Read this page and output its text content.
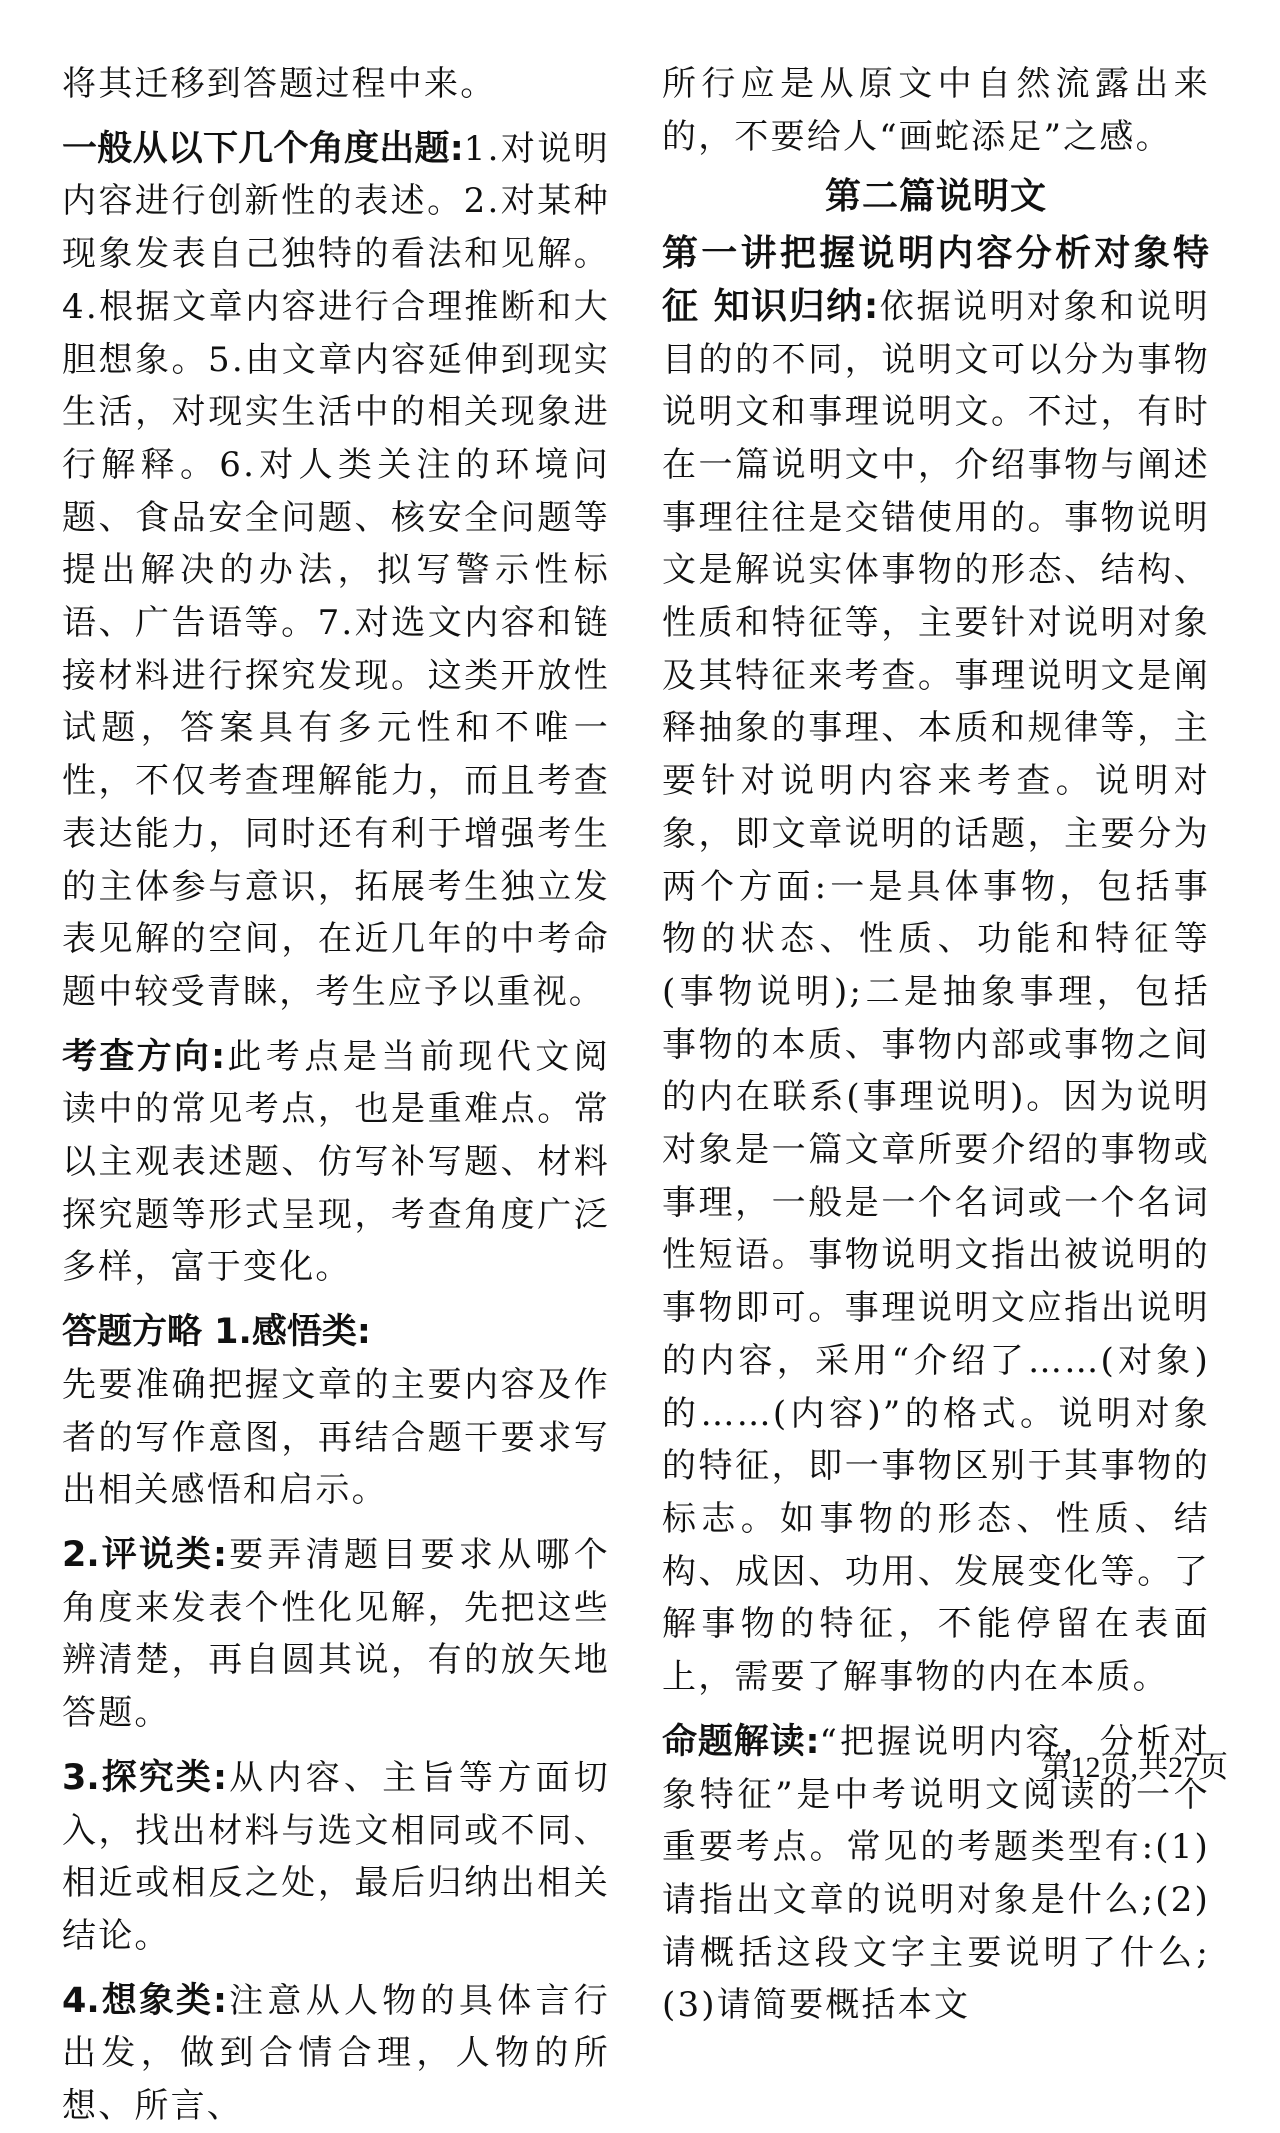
将其迁移到答题过程中来。

一般从以下几个角度出题:1.对说明内容进行创新性的表述。2.对某种现象发表自己独特的看法和见解。4.根据文章内容进行合理推断和大胆想象。5.由文章内容延伸到现实生活，对现实生活中的相关现象进行解释。6.对人类关注的环境问题、食品安全问题、核安全问题等提出解决的办法，拟写警示性标语、广告语等。7.对选文内容和链接材料进行探究发现。这类开放性试题，答案具有多元性和不唯一性，不仅考查理解能力，而且考查表达能力，同时还有利于增强考生的主体参与意识，拓展考生独立发表见解的空间，在近几年的中考命题中较受青睐，考生应予以重视。

考查方向:此考点是当前现代文阅读中的常见考点，也是重难点。常以主观表述题、仿写补写题、材料探究题等形式呈现，考查角度广泛多样，富于变化。

答题方略 1.感悟类:

先要准确把握文章的主要内容及作者的写作意图，再结合题干要求写出相关感悟和启示。

2.评说类:要弄清题目要求从哪个角度来发表个性化见解，先把这些辨清楚，再自圆其说，有的放矢地答题。

3.探究类:从内容、主旨等方面切入，找出材料与选文相同或不同、相近或相反之处，最后归纳出相关结论。

4.想象类:注意从人物的具体言行出发，做到合情合理，人物的所想、所言、

所行应是从原文中自然流露出来的，不要给人“画蛇添足”之感。

第二篇说明文

第一讲把握说明内容分析对象特征 知识归纳:依据说明对象和说明目的的不同，说明文可以分为事物说明文和事理说明文。不过，有时在一篇说明文中，介绍事物与阐述事理往往是交错使用的。事物说明文是解说实体事物的形态、结构、性质和特征等，主要针对说明对象及其特征来考查。事理说明文是阐释抽象的事理、本质和规律等，主要针对说明内容来考查。说明对象，即文章说明的话题，主要分为两个方面:一是具体事物，包括事物的状态、性质、功能和特征等(事物说明);二是抽象事理，包括事物的本质、事物内部或事物之间的内在联系(事理说明)。因为说明对象是一篇文章所要介绍的事物或事理，一般是一个名词或一个名词性短语。事物说明文指出被说明的事物即可。事理说明文应指出说明的内容，采用“介绍了……(对象)的……(内容)”的格式。说明对象的特征，即一事物区别于其事物的标志。如事物的形态、性质、结构、成因、功用、发展变化等。了解事物的特征，不能停留在表面上，需要了解事物的内在本质。

命题解读:“把握说明内容，分析对象特征”是中考说明文阅读的一个重要考点。常见的考题类型有:(1)请指出文章的说明对象是什么;(2)请概括这段文字主要说明了什么;(3)请简要概括本文

第12页,共27页
